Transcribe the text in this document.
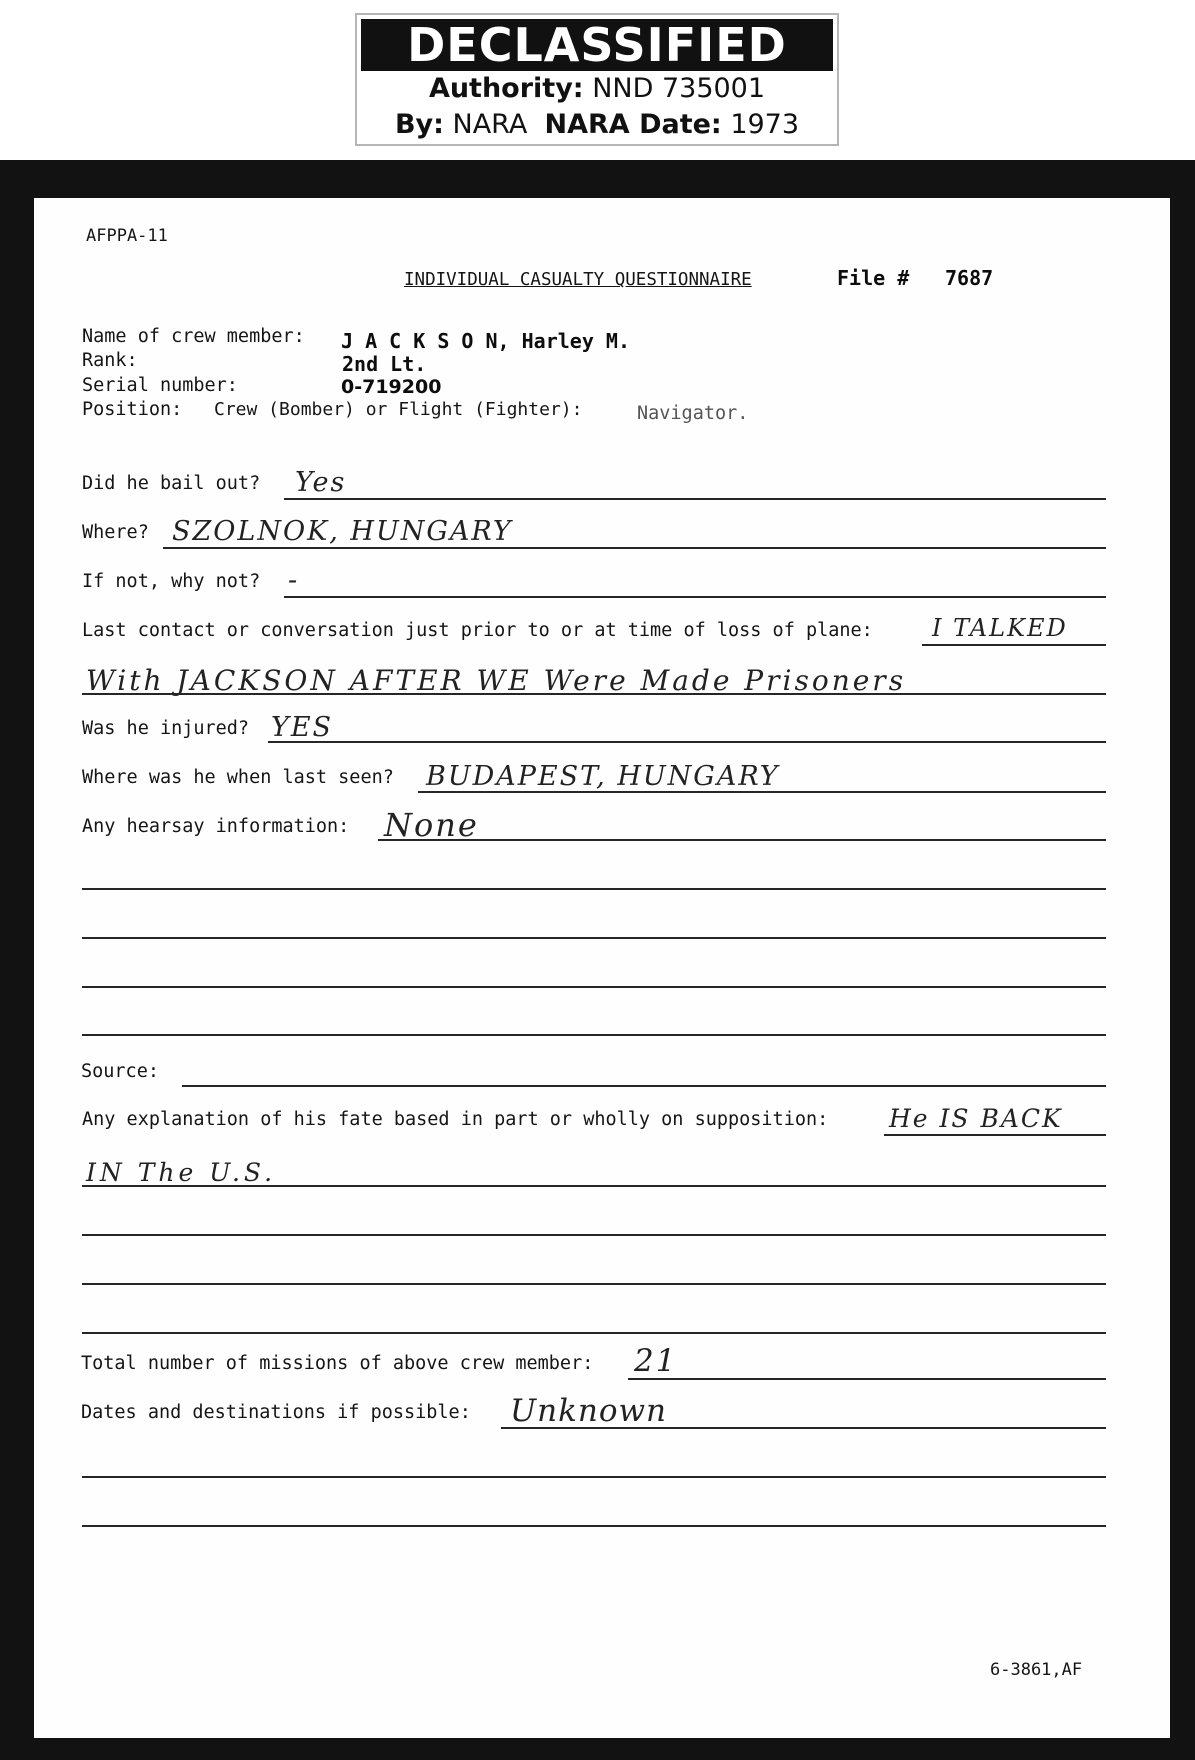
DECLASSIFIED
Authority: NND 735001
By: NARA NARA Date: 1973
AFPPA-11
INDIVIDUAL CASUALTY QUESTIONNAIRE	File # 7687
Name of crew member: J A C K S O N, Harley M.
Rank:	2nd Lt.
Serial number:	0-719200
Position: Crew (Bomber) or Flight (Fighter):	Navigator.
Did he bail out? Yes
Where? SZOLNOK, HUNGARY
If not, why not? -
Last contact or conversation just prior to or at time of loss of plane: I TALKED
With JACKSON AFTER WE Were Made Prisoners
Was he injured? YES
Where was he when last seen? BUDAPEST, HUNGARY
Any hearsay information: None
Source:
Any explanation of his fate based in part or wholly on supposition: He IS BACK
IN The U.S.
Total number of missions of above crew member: 21
Dates and destinations if possible: Unknown
6-3861,AF
